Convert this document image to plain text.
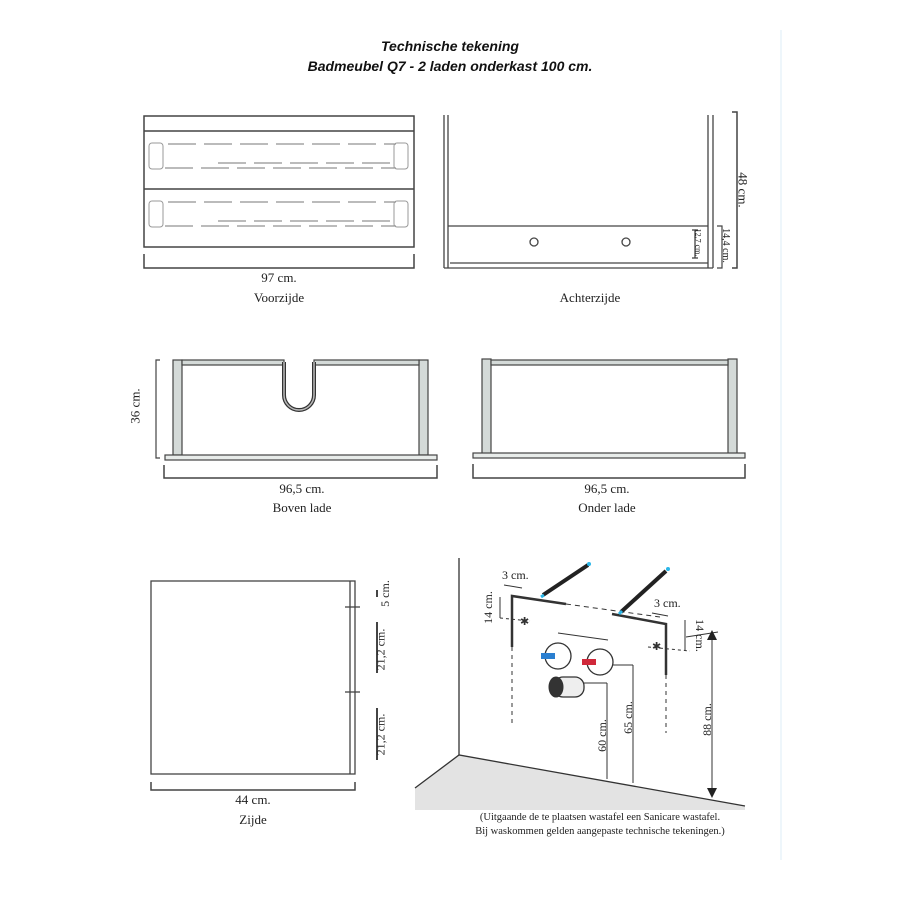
Technische tekening
Badmeubel Q7 - 2 laden onderkast 100 cm.
✱
✱
97 cm.
Voorzijde	Achterzijde
48 cm.
14,4 cm.
12,7 cm.
36 cm.
96,5 cm.
Boven lade
96,5 cm.
Onder lade
5 cm.
21,2 cm.
21,2 cm.
44 cm.
Zijde
3 cm.
3 cm.
14 cm.
14 cm.
60 cm.
65 cm.	88 cm.
(Uitgaande de te plaatsen wastafel een Sanicare wastafel.
Bij waskommen gelden aangepaste technische tekeningen.)
